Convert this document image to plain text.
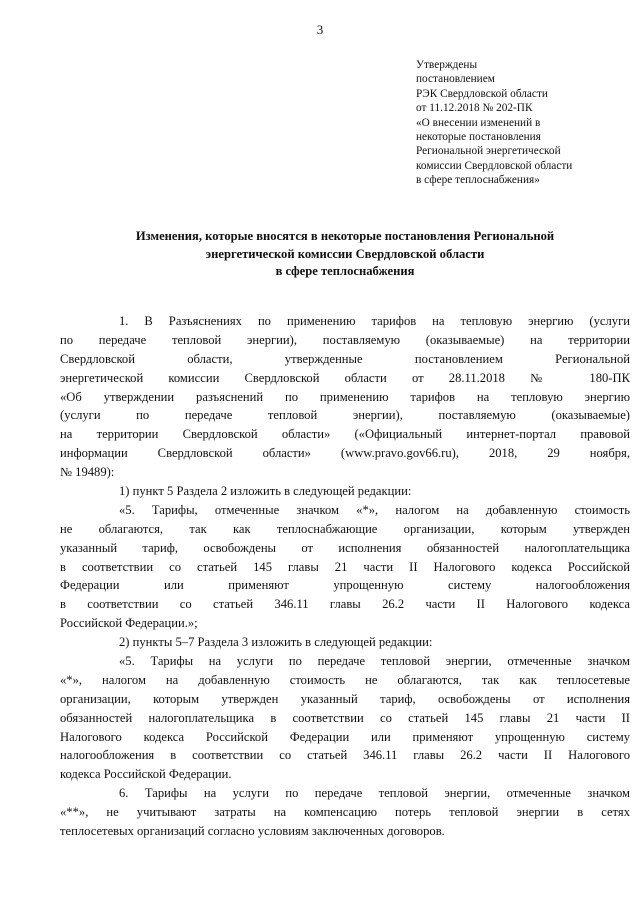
3
Утверждены
постановлением
РЭК Свердловской области
от 11.12.2018 № 202-ПК
«О внесении изменений в
некоторые постановления
Региональной энергетической
комиссии Свердловской области
в сфере теплоснабжения»
Изменения, которые вносятся в некоторые постановления Региональной
энергетической комиссии Свердловской области
в сфере теплоснабжения
1. В Разъяснениях по применению тарифов на тепловую энергию (услуги
по передаче тепловой энергии), поставляемую (оказываемые) на территории
Свердловской области, утвержденные постановлением Региональной
энергетической комиссии Свердловской области от 28.11.2018 № 180-ПК
«Об утверждении разъяснений по применению тарифов на тепловую энергию
(услуги по передаче тепловой энергии), поставляемую (оказываемые)
на территории Свердловской области» («Официальный интернет-портал правовой
информации Свердловской области» (www.pravo.gov66.ru), 2018, 29 ноября,
№ 19489):
1) пункт 5 Раздела 2 изложить в следующей редакции:
«5. Тарифы, отмеченные значком «*», налогом на добавленную стоимость
не облагаются, так как теплоснабжающие организации, которым утвержден
указанный тариф, освобождены от исполнения обязанностей налогоплательщика
в соответствии со статьей 145 главы 21 части II Налогового кодекса Российской
Федерации или применяют упрощенную систему налогообложения
в соответствии со статьей 346.11 главы 26.2 части II Налогового кодекса
Российской Федерации.»;
2) пункты 5–7 Раздела 3 изложить в следующей редакции:
«5. Тарифы на услуги по передаче тепловой энергии, отмеченные значком
«*», налогом на добавленную стоимость не облагаются, так как теплосетевые
организации, которым утвержден указанный тариф, освобождены от исполнения
обязанностей налогоплательщика в соответствии со статьей 145 главы 21 части II
Налогового кодекса Российской Федерации или применяют упрощенную систему
налогообложения в соответствии со статьей 346.11 главы 26.2 части II Налогового
кодекса Российской Федерации.
6. Тарифы на услуги по передаче тепловой энергии, отмеченные значком
«**», не учитывают затраты на компенсацию потерь тепловой энергии в сетях
теплосетевых организаций согласно условиям заключенных договоров.
